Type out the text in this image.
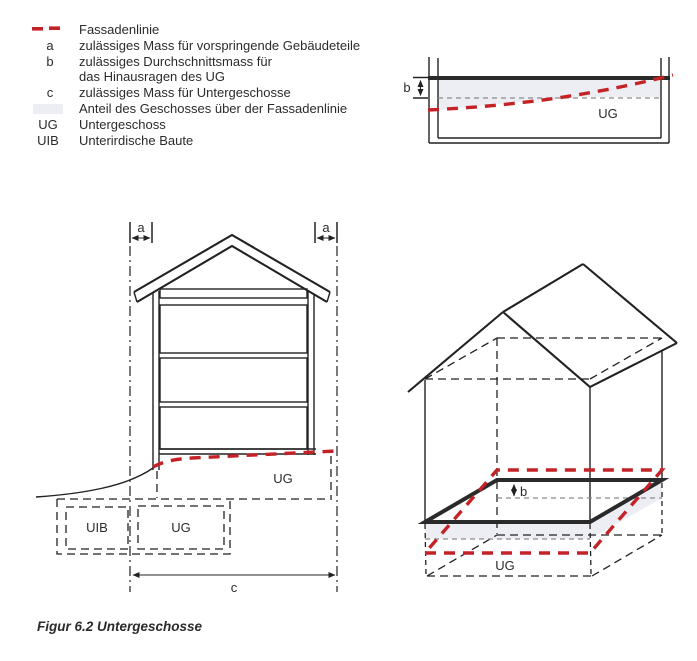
Fassadenlinie
a zulässiges Mass für vorspringende Gebäudeteile
b zulässiges Durchschnittsmass für
das Hinausragen des UG
c zulässiges Mass für Untergeschosse
Anteil des Geschosses über der Fassadenlinie
UG Untergeschoss
UIB Unterirdische Baute
b
UG
a	a
UG
UIB	UG
c
b
UG
Figur 6.2 Untergeschosse
